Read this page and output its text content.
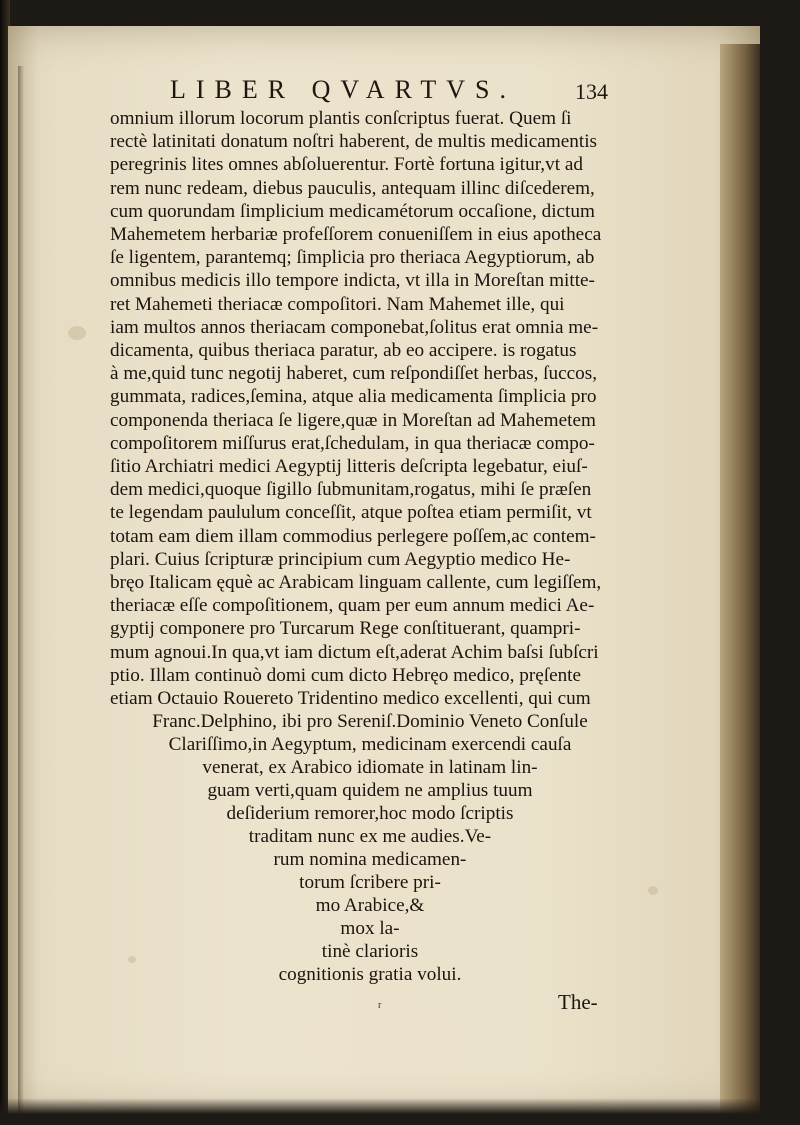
LIBER QVARTVS.	134
omnium illorum locorum plantis conſcriptus fuerat. Quem ſi
rectè latinitati donatum noſtri haberent, de multis medicamentis
peregrinis lites omnes abſoluerentur. Fortè fortuna igitur,vt ad
rem nunc redeam, diebus pauculis, antequam illinc diſcederem,
cum quorundam ſimplicium medicamétorum occaſione, dictum
Mahemetem herbariæ profeſſorem conueniſſem in eius apotheca
ſe ligentem, parantemq; ſimplicia pro theriaca Aegyptiorum, ab
omnibus medicis illo tempore indicta, vt illa in Moreſtan mitte-
ret Mahemeti theriacæ compoſitori. Nam Mahemet ille, qui
iam multos annos theriacam componebat,ſolitus erat omnia me-
dicamenta, quibus theriaca paratur, ab eo accipere. is rogatus
à me,quid tunc negotij haberet, cum reſpondiſſet herbas, ſuccos,
gummata, radices,ſemina, atque alia medicamenta ſimplicia pro
componenda theriaca ſe ligere,quæ in Moreſtan ad Mahemetem
compoſitorem miſſurus erat,ſchedulam, in qua theriacæ compo-
ſitio Archiatri medici Aegyptij litteris deſcripta legebatur, eiuſ-
dem medici,quoque ſigillo ſubmunitam,rogatus, mihi ſe præſen
te legendam paululum conceſſit, atque poſtea etiam permiſit, vt
totam eam diem illam commodius perlegere poſſem,ac contem-
plari. Cuius ſcripturæ principium cum Aegyptio medico He-
bręo Italicam ęquè ac Arabicam linguam callente, cum legiſſem,
theriacæ eſſe compoſitionem, quam per eum annum medici Ae-
gyptij componere pro Turcarum Rege conſtituerant, quampri-
mum agnoui.In qua,vt iam dictum eſt,aderat Achim baſsi ſubſcri
ptio. Illam continuò domi cum dicto Hebręo medico, pręſente
etiam Octauio Rouereto Tridentino medico excellenti, qui cum
Franc.Delphino, ibi pro Sereniſ.Dominio Veneto Conſule
Clariſſimo,in Aegyptum, medicinam exercendi cauſa
venerat, ex Arabico idiomate in latinam lin-
guam verti,quam quidem ne amplius tuum
deſiderium remorer,hoc modo ſcriptis
traditam nunc ex me audies.Ve-
rum nomina medicamen-
torum ſcribere pri-
mo Arabice,&
mox la-
tinè clarioris
cognitionis gratia volui.
r	The-
